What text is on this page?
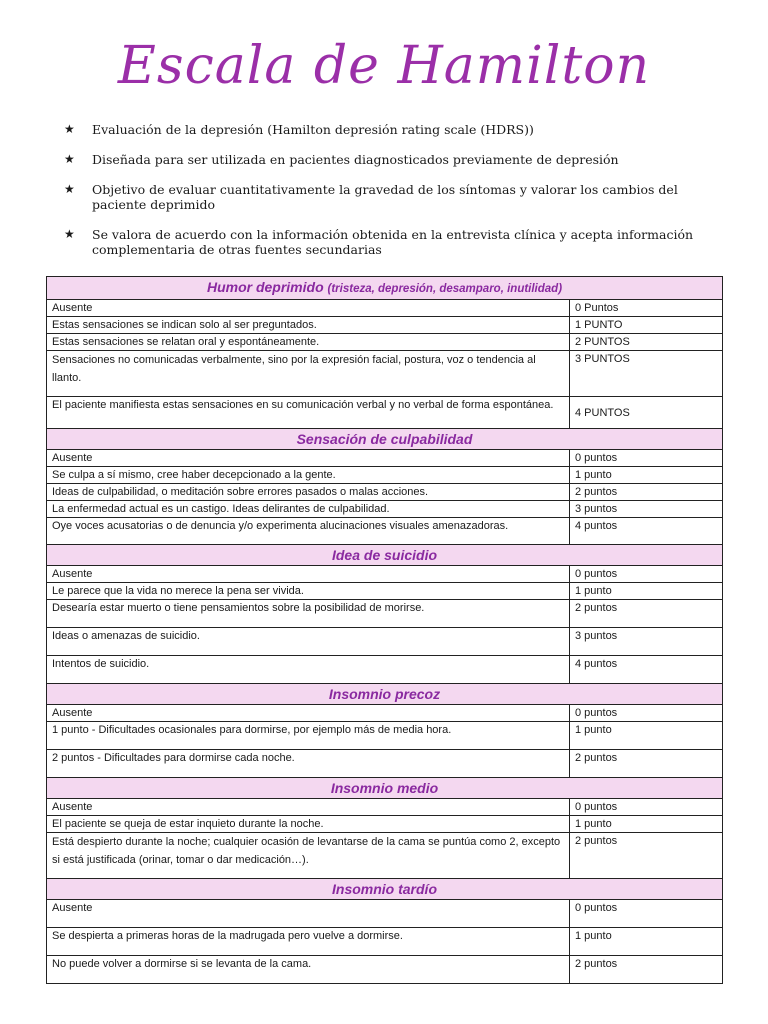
Escala de Hamilton
★ Evaluación de la depresión (Hamilton depresión rating scale (HDRS))
★ Diseñada para ser utilizada en pacientes diagnosticados previamente de depresión
★ Objetivo de evaluar cuantitativamente la gravedad de los síntomas y valorar los cambios del paciente deprimido
★ Se valora de acuerdo con la información obtenida en la entrevista clínica y acepta información complementaria de otras fuentes secundarias
Humor deprimido (tristeza, depresión, desamparo, inutilidad)	
Ausente	0 Puntos
Estas sensaciones se indican solo al ser preguntados.	1 PUNTO
Estas sensaciones se relatan oral y espontáneamente.	2 PUNTOS
Sensaciones no comunicadas verbalmente, sino por la expresión facial, postura, voz o tendencia al llanto.	3 PUNTOS
El paciente manifiesta estas sensaciones en su comunicación verbal y no verbal de forma espontánea.	4 PUNTOS
Sensación de culpabilidad	
Ausente	0 puntos
Se culpa a sí mismo, cree haber decepcionado a la gente.	1 punto
Ideas de culpabilidad, o meditación sobre errores pasados o malas acciones.	2 puntos
La enfermedad actual es un castigo. Ideas delirantes de culpabilidad.	3 puntos
Oye voces acusatorias o de denuncia y/o experimenta alucinaciones visuales amenazadoras.	4 puntos
Idea de suicidio	
Ausente	0 puntos
Le parece que la vida no merece la pena ser vivida.	1 punto
Desearía estar muerto o tiene pensamientos sobre la posibilidad de morirse.	2 puntos
Ideas o amenazas de suicidio.	3 puntos
Intentos de suicidio.	4 puntos
Insomnio precoz	
Ausente	0 puntos
1 punto - Dificultades ocasionales para dormirse, por ejemplo más de media hora.	1 punto
2 puntos - Dificultades para dormirse cada noche.	2 puntos
Insomnio medio	
Ausente	0 puntos
El paciente se queja de estar inquieto durante la noche.	1 punto
Está despierto durante la noche; cualquier ocasión de levantarse de la cama se puntúa como 2, excepto si está justificada (orinar, tomar o dar medicación…).	2 puntos
Insomnio tardío	
Ausente	0 puntos
Se despierta a primeras horas de la madrugada pero vuelve a dormirse.	1 punto
No puede volver a dormirse si se levanta de la cama.	2 puntos
